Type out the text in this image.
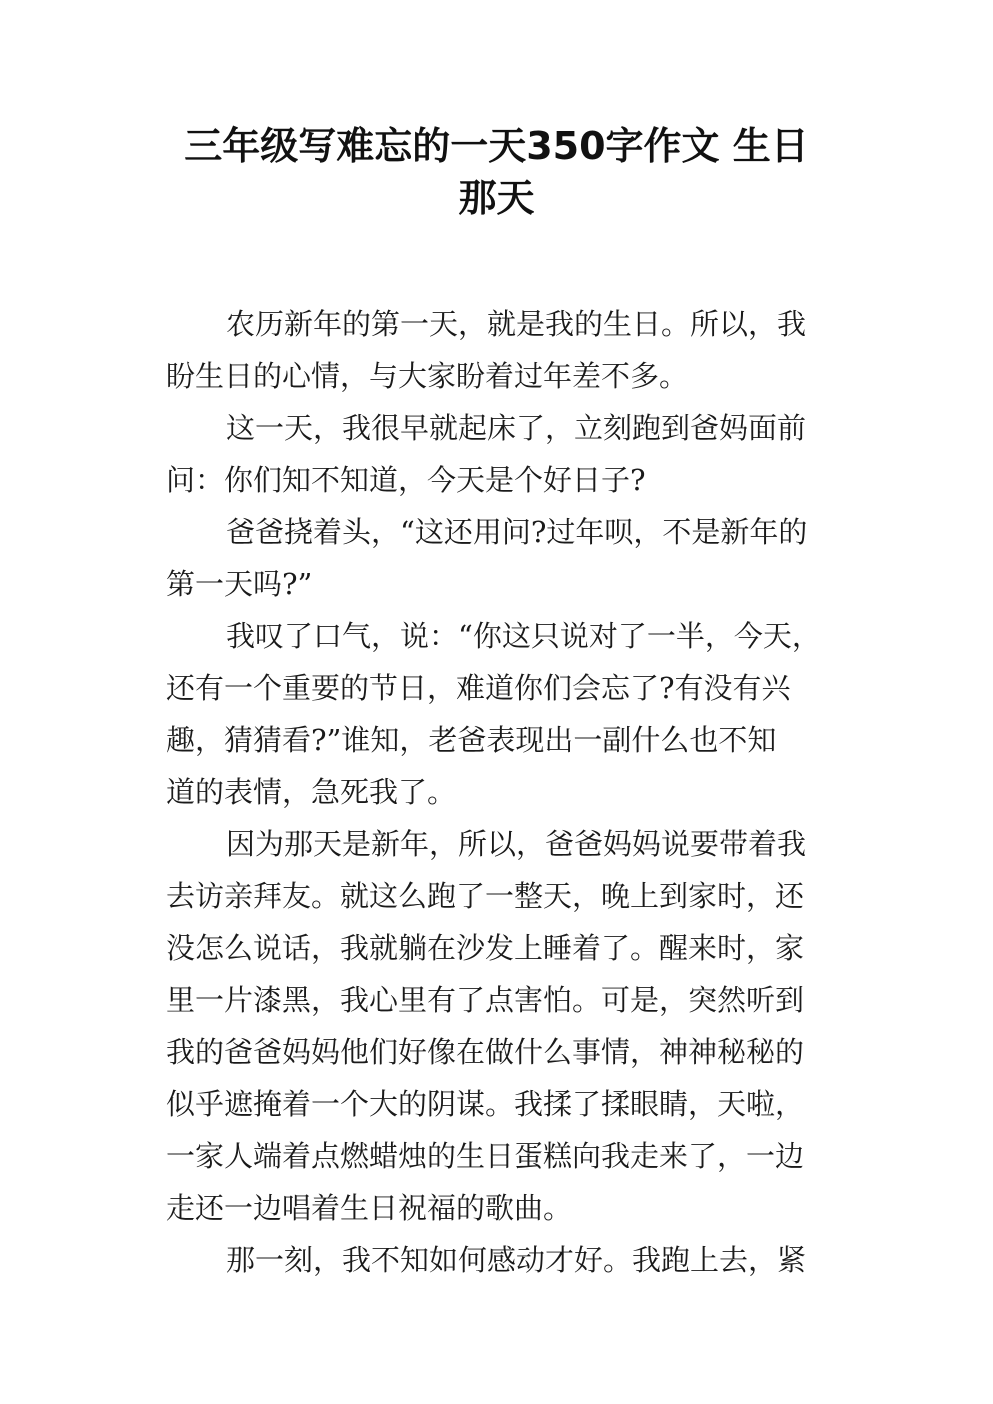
三年级写难忘的一天350字作文 生日
那天
农历新年的第一天，就是我的生日。所以，我
盼生日的心情，与大家盼着过年差不多。
这一天，我很早就起床了，立刻跑到爸妈面前
问：你们知不知道，今天是个好日子?
爸爸挠着头，“这还用问?过年呗，不是新年的
第一天吗?”
我叹了口气，说：“你这只说对了一半，今天，
还有一个重要的节日，难道你们会忘了?有没有兴
趣，猜猜看?”谁知，老爸表现出一副什么也不知
道的表情，急死我了。
因为那天是新年，所以，爸爸妈妈说要带着我
去访亲拜友。就这么跑了一整天，晚上到家时，还
没怎么说话，我就躺在沙发上睡着了。醒来时，家
里一片漆黑，我心里有了点害怕。可是，突然听到
我的爸爸妈妈他们好像在做什么事情，神神秘秘的
似乎遮掩着一个大的阴谋。我揉了揉眼睛，天啦，
一家人端着点燃蜡烛的生日蛋糕向我走来了，一边
走还一边唱着生日祝福的歌曲。
那一刻，我不知如何感动才好。我跑上去，紧
